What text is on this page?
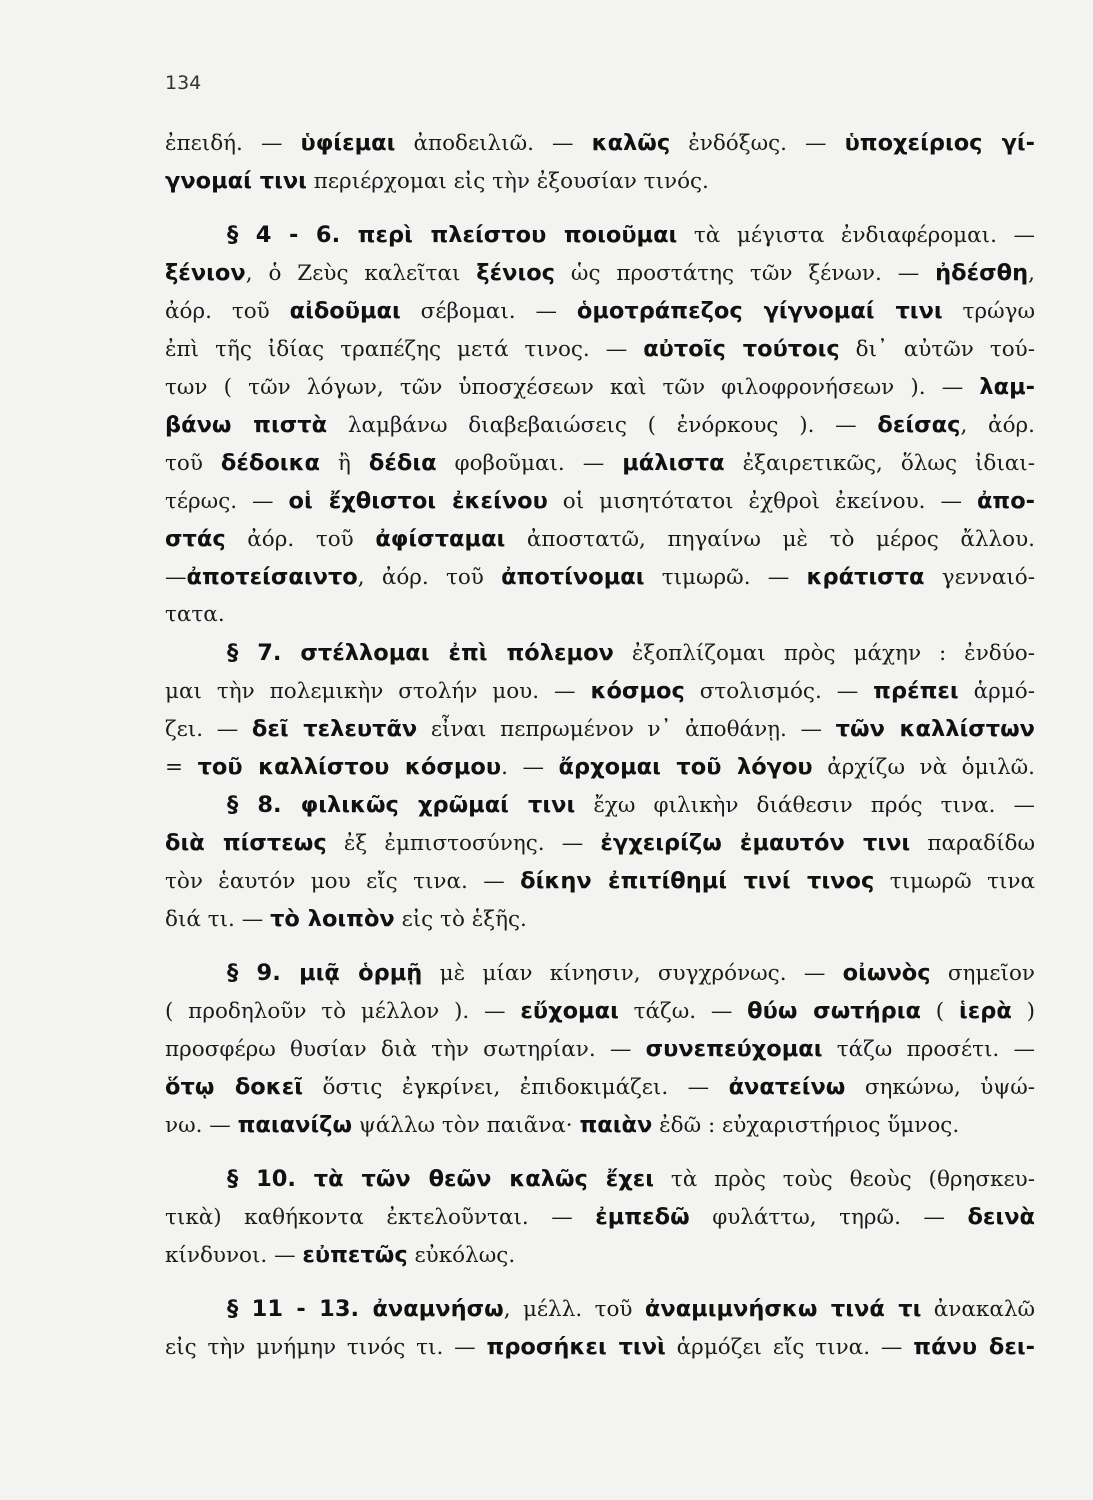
134
ἐπειδή. — ὑφίεμαι ἀποδειλιῶ. — καλῶς ἐνδόξως. — ὑποχείριος γί-
γνομαί τινι περιέρχομαι εἰς τὴν ἐξουσίαν τινός.
§ 4 - 6. περὶ πλείστου ποιοῦμαι τὰ μέγιστα ἐνδιαφέρομαι. —
ξένιον, ὁ Ζεὺς καλεῖται ξένιος ὡς προστάτης τῶν ξένων. — ἠδέσθη,
ἀόρ. τοῦ αἰδοῦμαι σέβομαι. — ὁμοτράπεζος γίγνομαί τινι τρώγω
ἐπὶ τῆς ἰδίας τραπέζης μετά τινος. — αὐτοῖς τούτοις δι᾿ αὐτῶν τού-
των ( τῶν λόγων, τῶν ὑποσχέσεων καὶ τῶν φιλοφρονήσεων ). — λαμ-
βάνω πιστὰ λαμβάνω διαβεβαιώσεις ( ἐνόρκους ). — δείσας, ἀόρ.
τοῦ δέδοικα ἢ δέδια φοβοῦμαι. — μάλιστα ἐξαιρετικῶς, ὅλως ἰδιαι-
τέρως. — οἱ ἔχθιστοι ἐκείνου οἱ μισητότατοι ἐχθροὶ ἐκείνου. — ἀπο-
στάς ἀόρ. τοῦ ἀφίσταμαι ἀποστατῶ, πηγαίνω μὲ τὸ μέρος ἄλλου.
—ἀποτείσαιντο, ἀόρ. τοῦ ἀποτίνομαι τιμωρῶ. — κράτιστα γενναιό-
τατα.
§ 7. στέλλομαι ἐπὶ πόλεμον ἐξοπλίζομαι πρὸς μάχην : ἐνδύο-
μαι τὴν πολεμικὴν στολήν μου. — κόσμος στολισμός. — πρέπει ἁρμό-
ζει. — δεῖ τελευτᾶν εἶναι πεπρωμένον ν᾿ ἀποθάνῃ. — τῶν καλλίστων
= τοῦ καλλίστου κόσμου. — ἄρχομαι τοῦ λόγου ἀρχίζω νὰ ὁμιλῶ.
§ 8. φιλικῶς χρῶμαί τινι ἔχω φιλικὴν διάθεσιν πρός τινα. —
διὰ πίστεως ἐξ ἐμπιστοσύνης. — ἐγχειρίζω ἐμαυτόν τινι παραδίδω
τὸν ἑαυτόν μου εἴς τινα. — δίκην ἐπιτίθημί τινί τινος τιμωρῶ τινα
διά τι. — τὸ λοιπὸν εἰς τὸ ἑξῆς.
§ 9. μιᾷ ὁρμῇ μὲ μίαν κίνησιν, συγχρόνως. — οἰωνὸς σημεῖον
( προδηλοῦν τὸ μέλλον ). — εὔχομαι τάζω. — θύω σωτήρια ( ἱερὰ )
προσφέρω θυσίαν διὰ τὴν σωτηρίαν. — συνεπεύχομαι τάζω προσέτι. —
ὅτῳ δοκεῖ ὅστις ἐγκρίνει, ἐπιδοκιμάζει. — ἀνατείνω σηκώνω, ὑψώ-
νω. — παιανίζω ψάλλω τὸν παιᾶνα· παιὰν ἐδῶ : εὐχαριστήριος ὕμνος.
§ 10. τὰ τῶν θεῶν καλῶς ἔχει τὰ πρὸς τοὺς θεοὺς (θρησκευ-
τικὰ) καθήκοντα ἐκτελοῦνται. — ἐμπεδῶ φυλάττω, τηρῶ. — δεινὰ
κίνδυνοι. — εὐπετῶς εὐκόλως.
§ 11 - 13. ἀναμνήσω, μέλλ. τοῦ ἀναμιμνήσκω τινά τι ἀνακαλῶ
εἰς τὴν μνήμην τινός τι. — προσήκει τινὶ ἁρμόζει εἴς τινα. — πάνυ δει-
